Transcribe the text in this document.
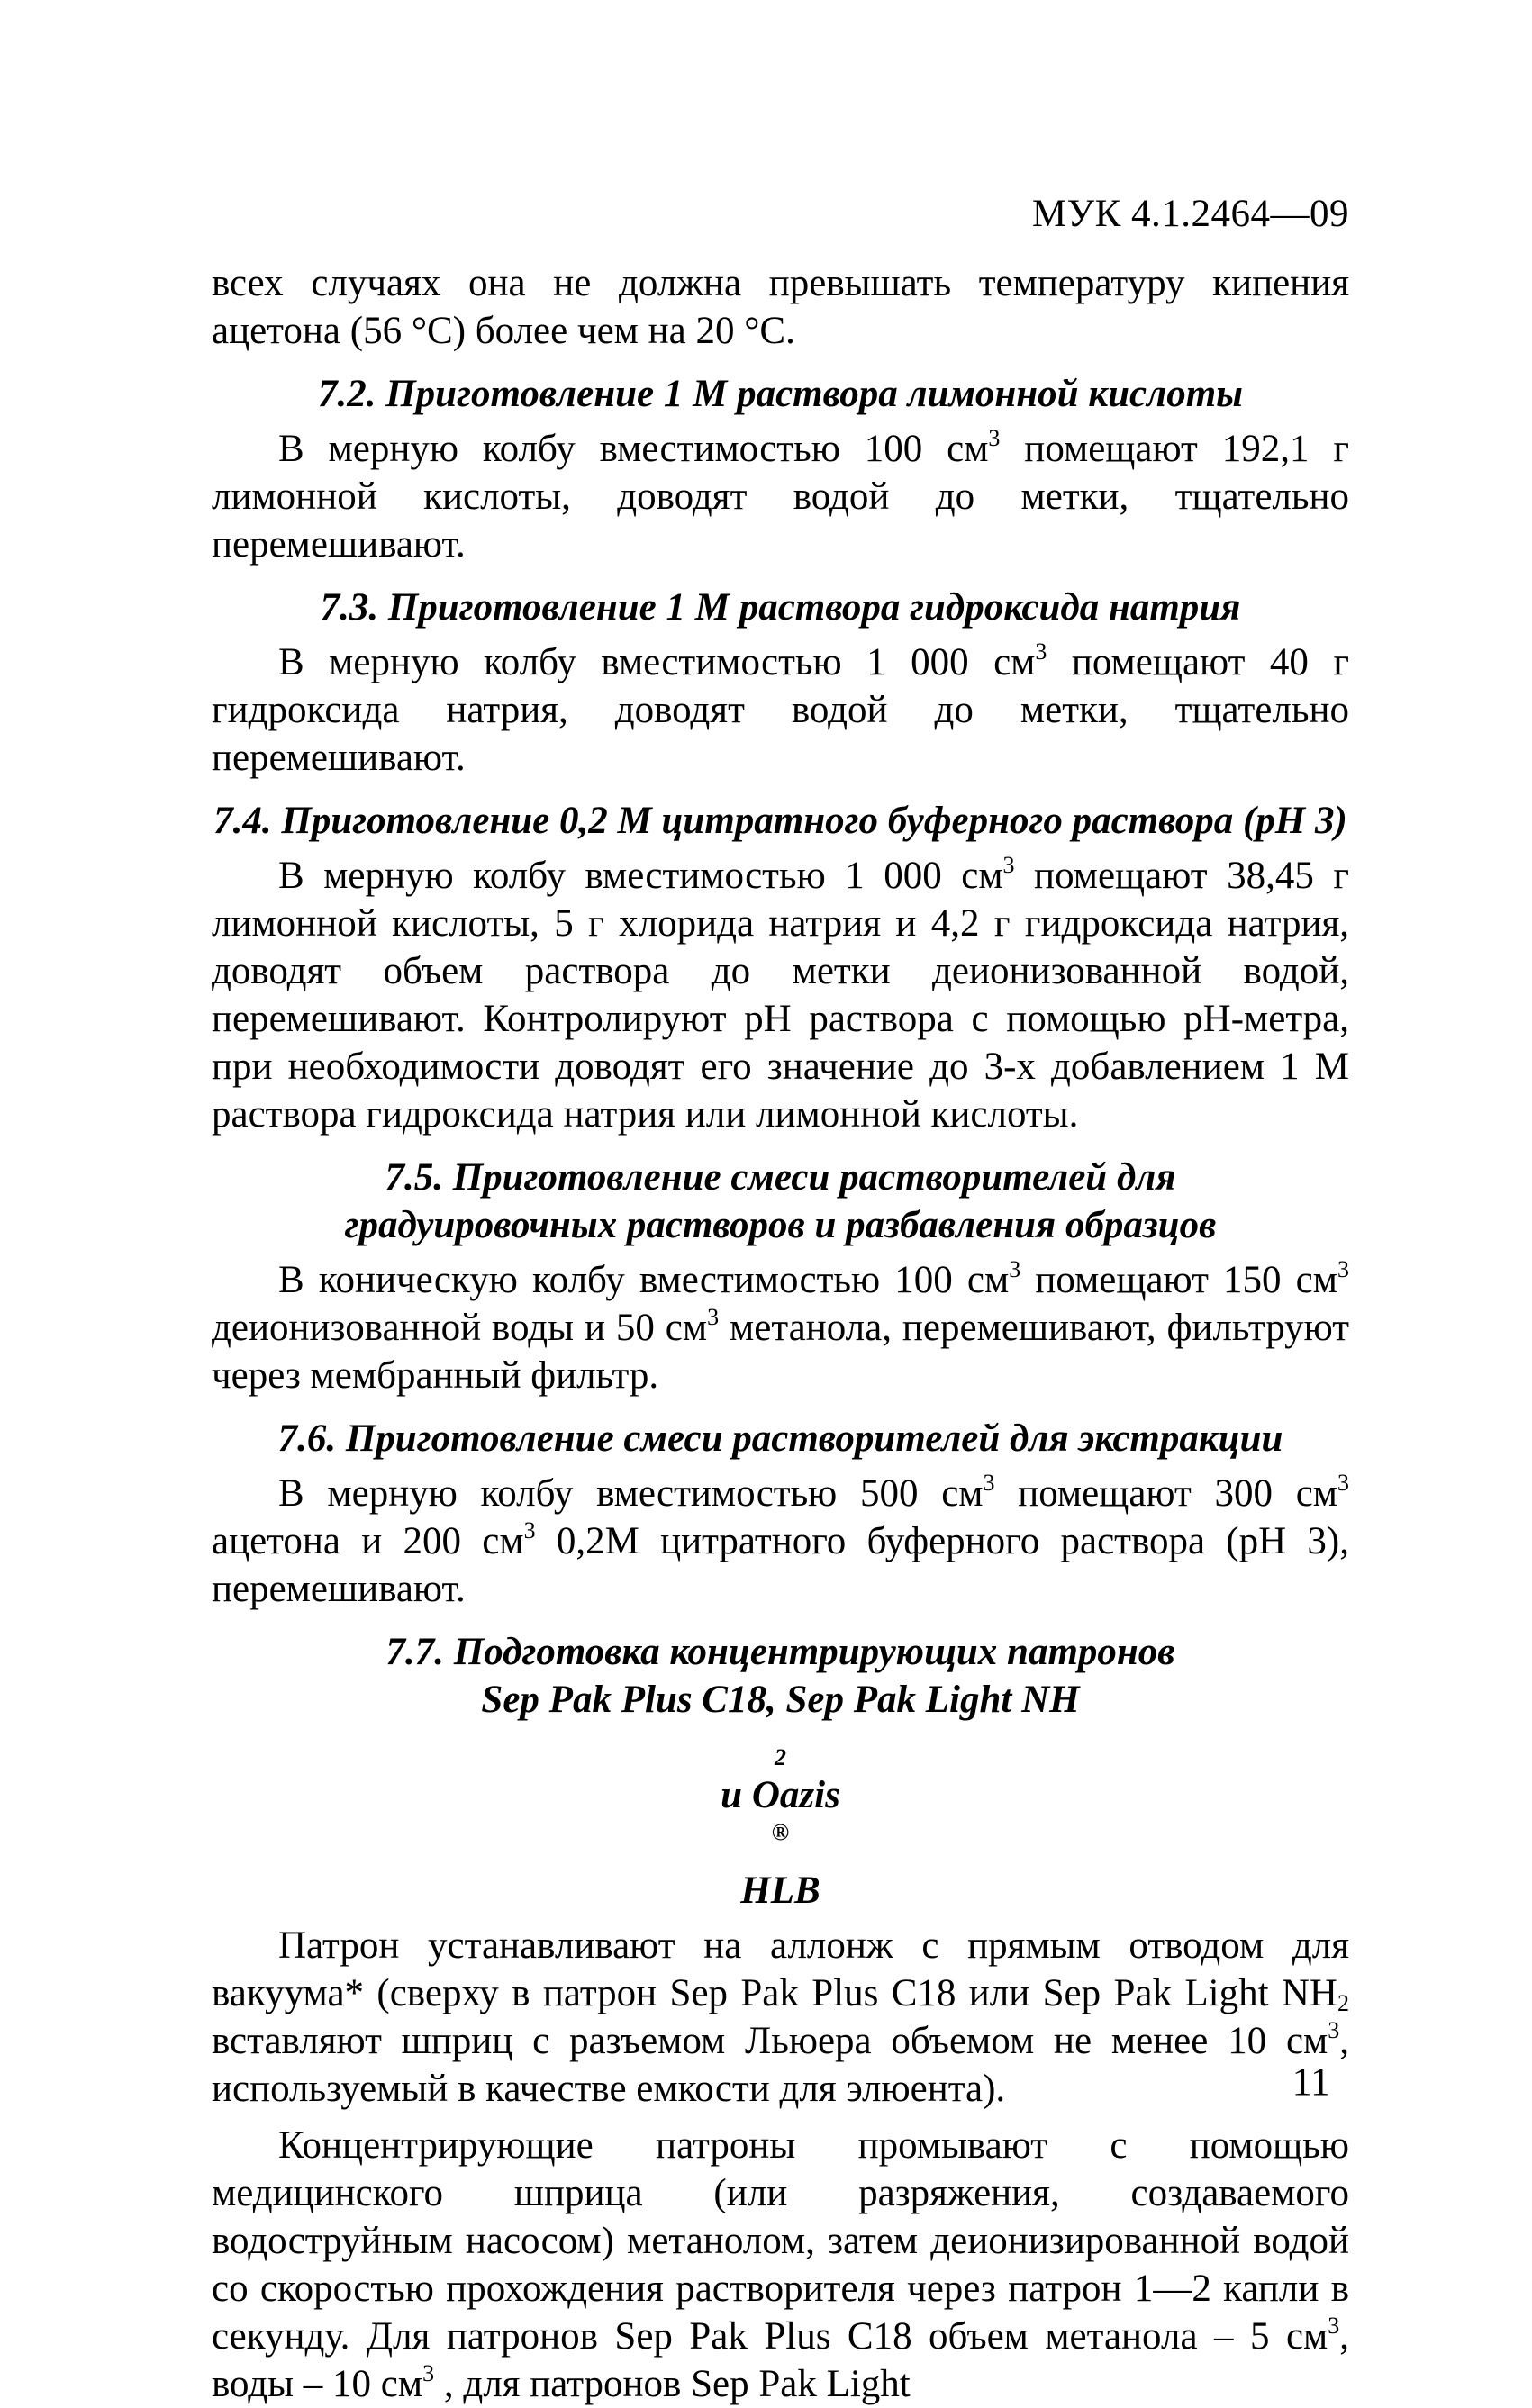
МУК 4.1.2464—09

всех случаях она не должна превышать температуру кипения ацетона (56 °С) более чем на 20 °С.

7.2. Приготовление 1 М раствора лимонной кислоты

В мерную колбу вместимостью 100 $см^3$ помещают 192,1 г лимонной кислоты, доводят водой до метки, тщательно перемешивают.

7.3. Приготовление 1 М раствора гидроксида натрия

В мерную колбу вместимостью 1 000 $см^3$ помещают 40 г гидроксида натрия, доводят водой до метки, тщательно перемешивают.

7.4. Приготовление 0,2 М цитратного буферного раствора (рН 3)

В мерную колбу вместимостью 1 000 $см^3$ помещают 38,45 г лимонной кислоты, 5 г хлорида натрия и 4,2 г гидроксида натрия, доводят объем раствора до метки деионизованной водой, перемешивают. Контролируют рН раствора с помощью рН-метра, при необходимости доводят его значение до 3-х добавлением 1 М раствора гидроксида натрия или лимонной кислоты.

7.5. Приготовление смеси растворителей для
градуировочных растворов и разбавления образцов

В коническую колбу вместимостью 100 $см^3$ помещают 150 $см^3$ деионизованной воды и 50 $см^3$ метанола, перемешивают, фильтруют через мембранный фильтр.

7.6. Приготовление смеси растворителей для экстракции

В мерную колбу вместимостью 500 $см^3$ помещают 300 $см^3$ ацетона и 200 $см^3$ 0,2М цитратного буферного раствора (рН 3), перемешивают.

7.7. Подготовка концентрирующих патронов
Sep Pak Plus C18, Sep Pak Light NH
$_2$
и Oazis
®
HLB

Патрон устанавливают на аллонж с прямым отводом для вакуума* (сверху в патрон Sep Pak Plus C18 или Sep Pak Light $NH_2$ вставляют шприц с разъемом Льюера объемом не менее 10 $см^3$, используемый в качестве емкости для элюента).

Концентрирующие патроны промывают с помощью медицинского шприца (или разряжения, создаваемого водоструйным насосом) метанолом, затем деионизированной водой со скоростью прохождения растворителя через патрон 1—2 капли в секунду. Для патронов Sep Pak Plus C18 объем метанола – 5 $см^3$, воды – 10 $см^3$ , для патронов Sep Pak Light

11
